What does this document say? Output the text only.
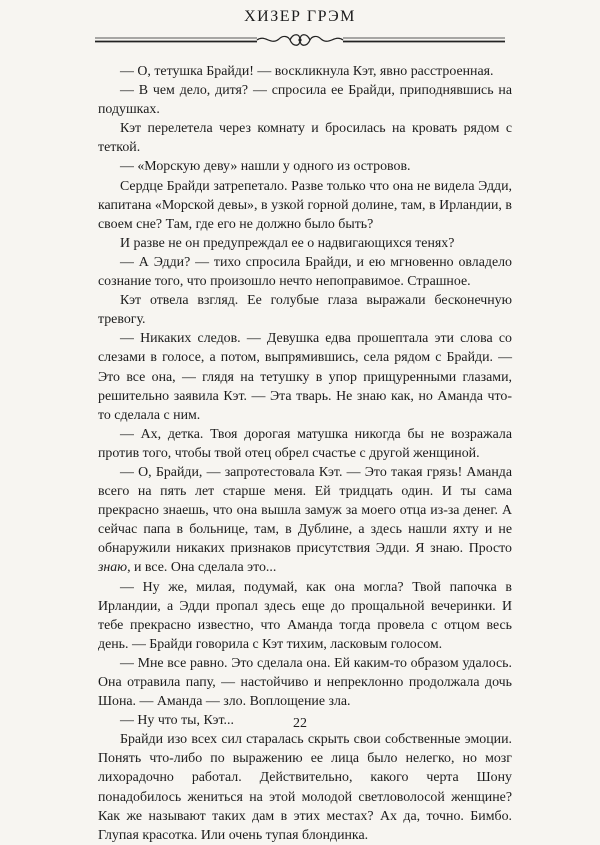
ХИЗЕР ГРЭМ

— О, тетушка Брайди! — воскликнула Кэт, явно расстроенная.

— В чем дело, дитя? — спросила ее Брайди, приподнявшись на подушках.

Кэт перелетела через комнату и бросилась на кровать рядом с теткой.

— «Морскую деву» нашли у одного из островов.

Сердце Брайди затрепетало. Разве только что она не видела Эдди, капитана «Морской девы», в узкой горной долине, там, в Ирландии, в своем сне? Там, где его не должно было быть?

И разве не он предупреждал ее о надвигающихся тенях?

— А Эдди? — тихо спросила Брайди, и ею мгновенно овладело сознание того, что произошло нечто непоправимое. Страшное.

Кэт отвела взгляд. Ее голубые глаза выражали бесконечную тревогу.

— Никаких следов. — Девушка едва прошептала эти слова со слезами в голосе, а потом, выпрямившись, села рядом с Брайди. — Это все она, — глядя на тетушку в упор прищуренными глазами, решительно заявила Кэт. — Эта тварь. Не знаю как, но Аманда что-то сделала с ним.

— Ах, детка. Твоя дорогая матушка никогда бы не возражала против того, чтобы твой отец обрел счастье с другой женщиной.

— О, Брайди, — запротестовала Кэт. — Это такая грязь! Аманда всего на пять лет старше меня. Ей тридцать один. И ты сама прекрасно знаешь, что она вышла замуж за моего отца из-за денег. А сейчас папа в больнице, там, в Дублине, а здесь нашли яхту и не обнаружили никаких признаков присутствия Эдди. Я знаю. Просто знаю, и все. Она сделала это...

— Ну же, милая, подумай, как она могла? Твой папочка в Ирландии, а Эдди пропал здесь еще до прощальной вечеринки. И тебе прекрасно известно, что Аманда тогда провела с отцом весь день. — Брайди говорила с Кэт тихим, ласковым голосом.

— Мне все равно. Это сделала она. Ей каким-то образом удалось. Она отравила папу, — настойчиво и непреклонно продолжала дочь Шона. — Аманда — зло. Воплощение зла.

— Ну что ты, Кэт...

Брайди изо всех сил старалась скрыть свои собственные эмоции. Понять что-либо по выражению ее лица было нелегко, но мозг лихорадочно работал. Действительно, какого черта Шону понадобилось жениться на этой молодой светловолосой женщине? Как же называют таких дам в этих местах? Ах да, точно. Бимбо. Глупая красотка. Или очень тупая блондинка.

22
